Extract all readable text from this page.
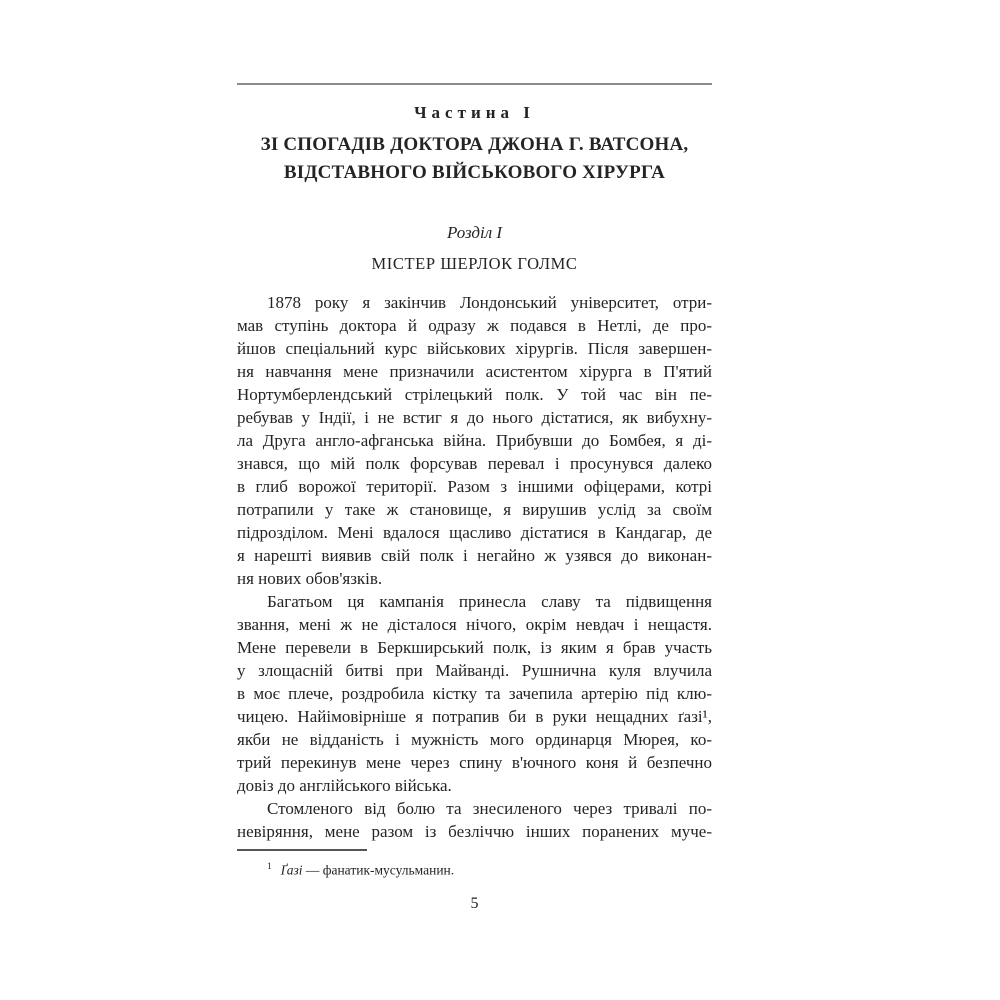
Частина I
ЗІ СПОГАДІВ ДОКТОРА ДЖОНА Г. ВАТСОНА,
ВІДСТАВНОГО ВІЙСЬКОВОГО ХІРУРГА
Розділ I
МІСТЕР ШЕРЛОК ГОЛМС
1878 року я закінчив Лондонський університет, отри-
мав ступінь доктора й одразу ж подався в Нетлі, де про-
йшов спеціальний курс військових хірургів. Після завершен-
ня навчання мене призначили асистентом хірурга в П'ятий
Нортумберлендський стрілецький полк. У той час він пе-
ребував у Індії, і не встиг я до нього дістатися, як вибухну-
ла Друга англо-афганська війна. Прибувши до Бомбея, я ді-
знався, що мій полк форсував перевал і просунувся далеко
в глиб ворожої території. Разом з іншими офіцерами, котрі
потрапили у таке ж становище, я вирушив услід за своїм
підрозділом. Мені вдалося щасливо дістатися в Кандагар, де
я нарешті виявив свій полк і негайно ж узявся до виконан-
ня нових обов'язків.
Багатьом ця кампанія принесла славу та підвищення
звання, мені ж не дісталося нічого, окрім невдач і нещастя.
Мене перевели в Беркширський полк, із яким я брав участь
у злощасній битві при Майванді. Рушнична куля влучила
в моє плече, роздробила кістку та зачепила артерію під клю-
чицею. Найімовірніше я потрапив би в руки нещадних ґазі¹,
якби не відданість і мужність мого ординарця Мюрея, ко-
трий перекинув мене через спину в'ючного коня й безпечно
довіз до англійського війська.
Стомленого від болю та знесиленого через тривалі по-
невіряння, мене разом із безліччю інших поранених муче-
$^1$ Ґазі — фанатик-мусульманин.
5
